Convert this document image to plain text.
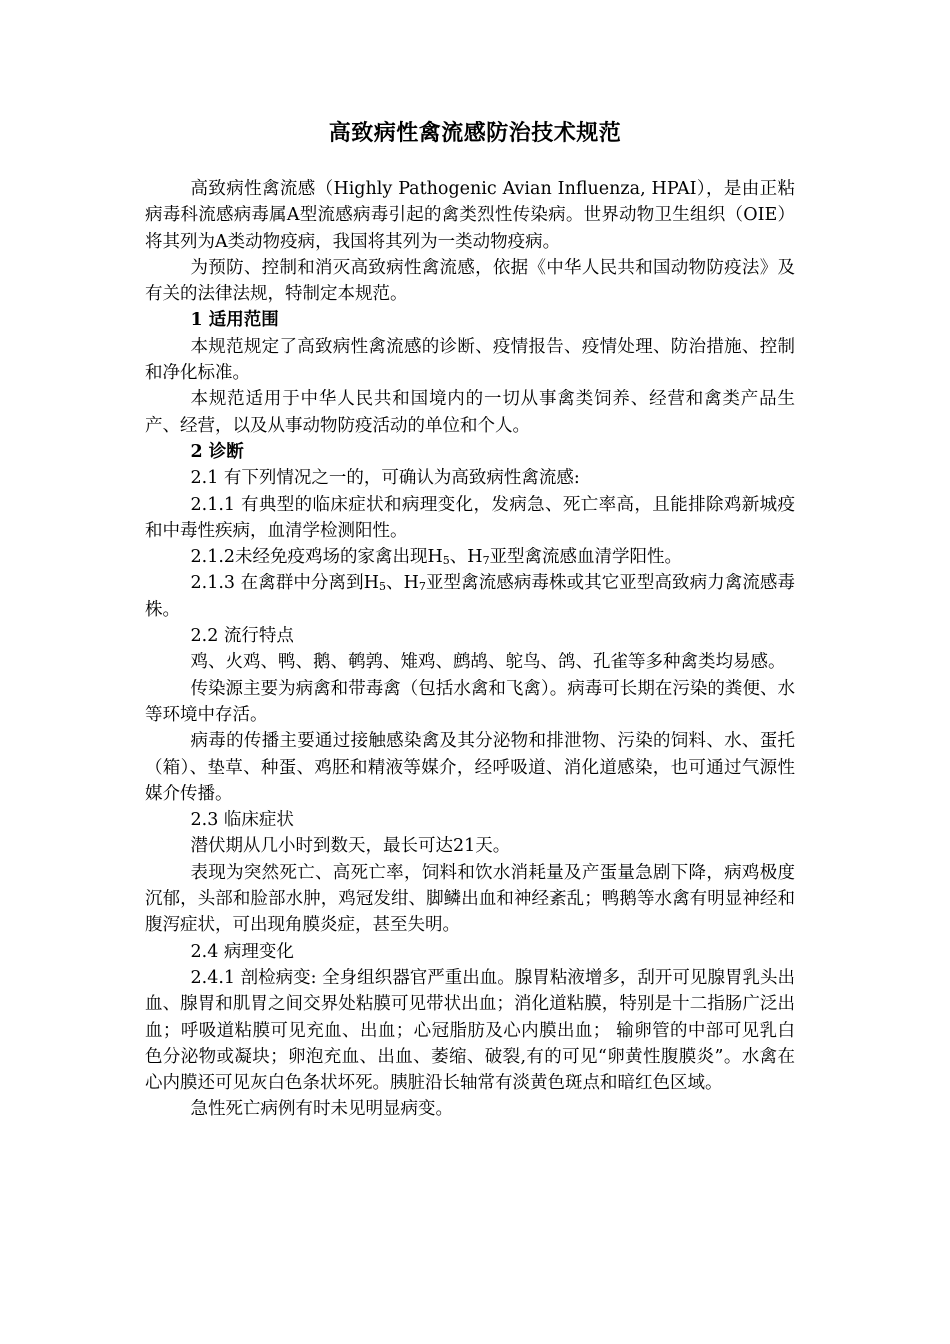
高致病性禽流感防治技术规范

高致病性禽流感（Highly Pathogenic Avian Influenza, HPAI），是由正粘病毒科流感病毒属A型流感病毒引起的禽类烈性传染病。世界动物卫生组织（OIE）将其列为A类动物疫病，我国将其列为一类动物疫病。

为预防、控制和消灭高致病性禽流感，依据《中华人民共和国动物防疫法》及有关的法律法规，特制定本规范。

1 适用范围

本规范规定了高致病性禽流感的诊断、疫情报告、疫情处理、防治措施、控制和净化标准。

本规范适用于中华人民共和国境内的一切从事禽类饲养、经营和禽类产品生产、经营，以及从事动物防疫活动的单位和个人。

2 诊断

2.1 有下列情况之一的，可确认为高致病性禽流感:

2.1.1 有典型的临床症状和病理变化，发病急、死亡率高，且能排除鸡新城疫和中毒性疾病，血清学检测阳性。

2.1.2未经免疫鸡场的家禽出现$H_5$、$H_7$亚型禽流感血清学阳性。

2.1.3 在禽群中分离到$H_5$、$H_7$亚型禽流感病毒株或其它亚型高致病力禽流感毒株。

2.2 流行特点

鸡、火鸡、鸭、鹅、鹌鹑、雉鸡、鹧鸪、鸵鸟、鸽、孔雀等多种禽类均易感。

传染源主要为病禽和带毒禽（包括水禽和飞禽）。病毒可长期在污染的粪便、水等环境中存活。

病毒的传播主要通过接触感染禽及其分泌物和排泄物、污染的饲料、水、蛋托（箱）、垫草、种蛋、鸡胚和精液等媒介，经呼吸道、消化道感染，也可通过气源性媒介传播。

2.3 临床症状

潜伏期从几小时到数天，最长可达21天。

表现为突然死亡、高死亡率，饲料和饮水消耗量及产蛋量急剧下降，病鸡极度沉郁，头部和脸部水肿，鸡冠发绀、脚鳞出血和神经紊乱；鸭鹅等水禽有明显神经和腹泻症状，可出现角膜炎症，甚至失明。

2.4 病理变化

2.4.1 剖检病变: 全身组织器官严重出血。腺胃粘液增多，刮开可见腺胃乳头出血、腺胃和肌胃之间交界处粘膜可见带状出血；消化道粘膜，特别是十二指肠广泛出血；呼吸道粘膜可见充血、出血；心冠脂肪及心内膜出血； 输卵管的中部可见乳白色分泌物或凝块；卵泡充血、出血、萎缩、破裂,有的可见“卵黄性腹膜炎”。水禽在心内膜还可见灰白色条状坏死。胰脏沿长轴常有淡黄色斑点和暗红色区域。

急性死亡病例有时未见明显病变。
